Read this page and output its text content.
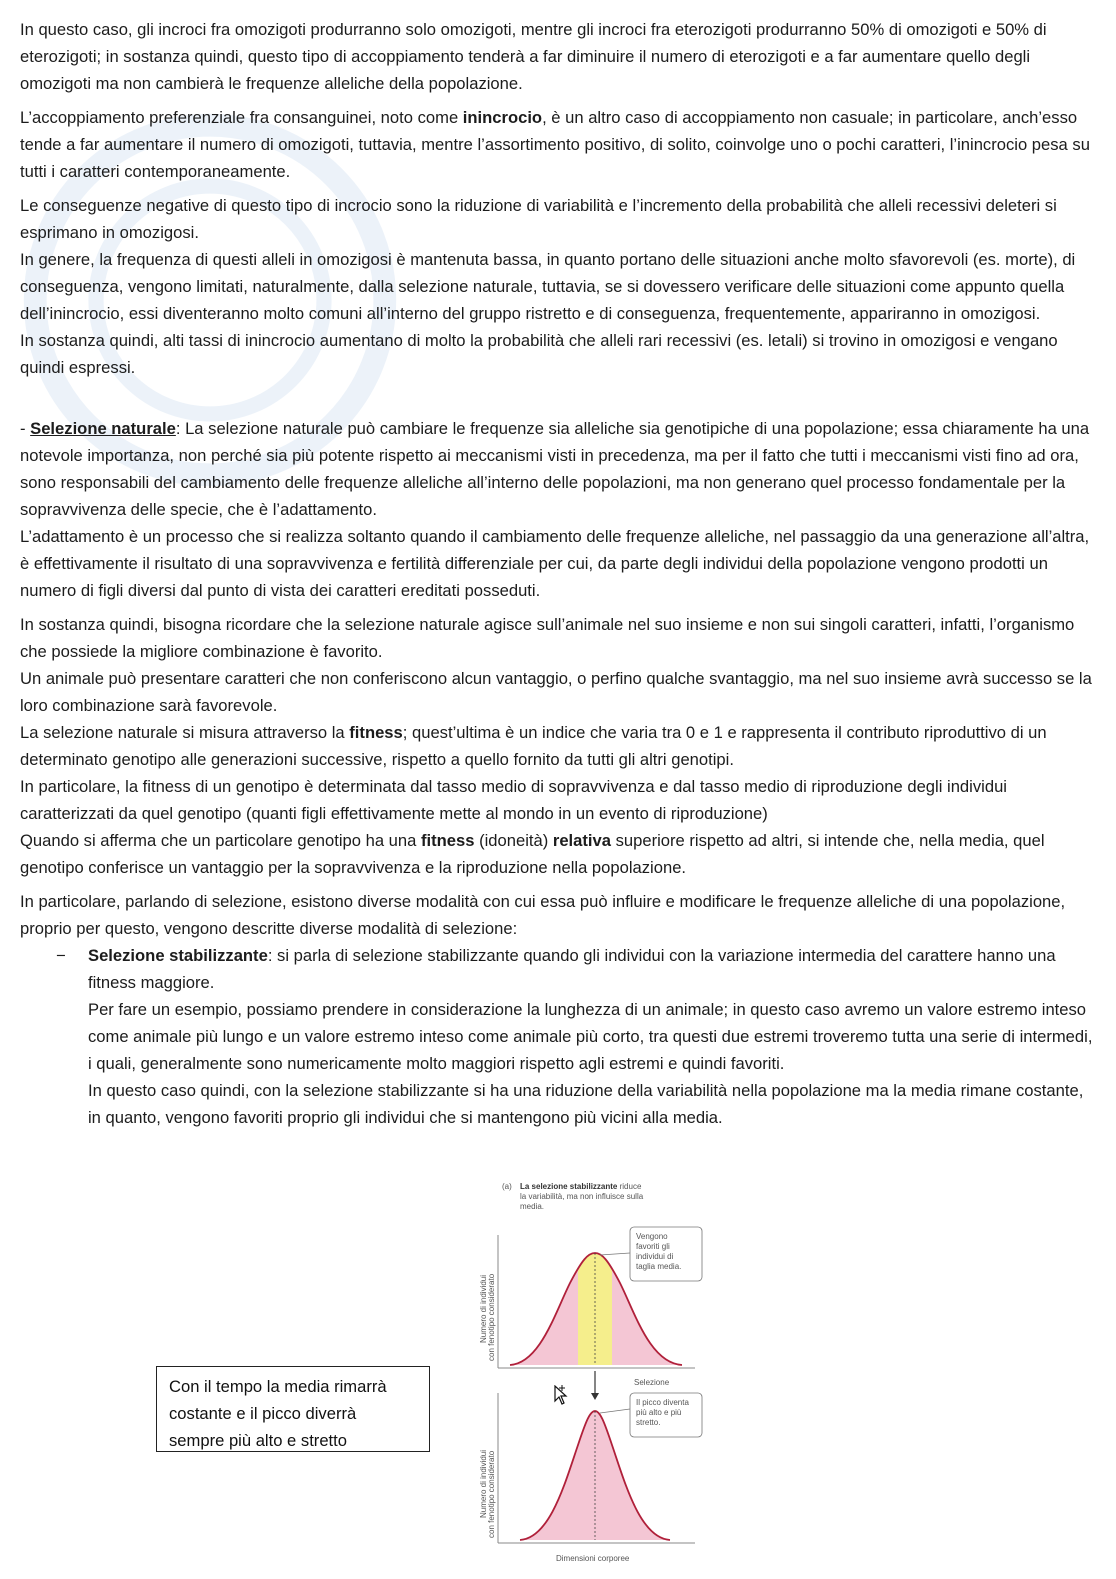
In questo caso, gli incroci fra omozigoti produrranno solo omozigoti, mentre gli incroci fra eterozigoti produrranno 50% di omozigoti e 50% di eterozigoti; in sostanza quindi, questo tipo di accoppiamento tenderà a far diminuire il numero di eterozigoti e a far aumentare quello degli omozigoti ma non cambierà le frequenze alleliche della popolazione.

L’accoppiamento preferenziale fra consanguinei, noto come inincrocio, è un altro caso di accoppiamento non casuale; in particolare, anch’esso tende a far aumentare il numero di omozigoti, tuttavia, mentre l’assortimento positivo, di solito, coinvolge uno o pochi caratteri, l’inincrocio pesa su tutti i caratteri contemporaneamente.

Le conseguenze negative di questo tipo di incrocio sono la riduzione di variabilità e l’incremento della probabilità che alleli recessivi deleteri si esprimano in omozigosi.

In genere, la frequenza di questi alleli in omozigosi è mantenuta bassa, in quanto portano delle situazioni anche molto sfavorevoli (es. morte), di conseguenza, vengono limitati, naturalmente, dalla selezione naturale, tuttavia, se si dovessero verificare delle situazioni come appunto quella dell’inincrocio, essi diventeranno molto comuni all’interno del gruppo ristretto e di conseguenza, frequentemente, appariranno in omozigosi.

In sostanza quindi, alti tassi di inincrocio aumentano di molto la probabilità che alleli rari recessivi (es. letali) si trovino in omozigosi e vengano quindi espressi.

- Selezione naturale: La selezione naturale può cambiare le frequenze sia alleliche sia genotipiche di una popolazione; essa chiaramente ha una notevole importanza, non perché sia più potente rispetto ai meccanismi visti in precedenza, ma per il fatto che tutti i meccanismi visti fino ad ora, sono responsabili del cambiamento delle frequenze alleliche all’interno delle popolazioni, ma non generano quel processo fondamentale per la sopravvivenza delle specie, che è l’adattamento.

L’adattamento è un processo che si realizza soltanto quando il cambiamento delle frequenze alleliche, nel passaggio da una generazione all’altra, è effettivamente il risultato di una sopravvivenza e fertilità differenziale per cui, da parte degli individui della popolazione vengono prodotti un numero di figli diversi dal punto di vista dei caratteri ereditati posseduti.

In sostanza quindi, bisogna ricordare che la selezione naturale agisce sull’animale nel suo insieme e non sui singoli caratteri, infatti, l’organismo che possiede la migliore combinazione è favorito.

Un animale può presentare caratteri che non conferiscono alcun vantaggio, o perfino qualche svantaggio, ma nel suo insieme avrà successo se la loro combinazione sarà favorevole.

La selezione naturale si misura attraverso la fitness; quest’ultima è un indice che varia tra 0 e 1 e rappresenta il contributo riproduttivo di un determinato genotipo alle generazioni successive, rispetto a quello fornito da tutti gli altri genotipi.

In particolare, la fitness di un genotipo è determinata dal tasso medio di sopravvivenza e dal tasso medio di riproduzione degli individui caratterizzati da quel genotipo (quanti figli effettivamente mette al mondo in un evento di riproduzione)

Quando si afferma che un particolare genotipo ha una fitness (idoneità) relativa superiore rispetto ad altri, si intende che, nella media, quel genotipo conferisce un vantaggio per la sopravvivenza e la riproduzione nella popolazione.

In particolare, parlando di selezione, esistono diverse modalità con cui essa può influire e modificare le frequenze alleliche di una popolazione, proprio per questo, vengono descritte diverse modalità di selezione:

− Selezione stabilizzante: si parla di selezione stabilizzante quando gli individui con la variazione intermedia del carattere hanno una fitness maggiore.

Per fare un esempio, possiamo prendere in considerazione la lunghezza di un animale; in questo caso avremo un valore estremo inteso come animale più lungo e un valore estremo inteso come animale più corto, tra questi due estremi troveremo tutta una serie di intermedi, i quali, generalmente sono numericamente molto maggiori rispetto agli estremi e quindi favoriti.

In questo caso quindi, con la selezione stabilizzante si ha una riduzione della variabilità nella popolazione ma la media rimane costante, in quanto, vengono favoriti proprio gli individui che si mantengono più vicini alla media.

(a) La selezione stabilizzante riduce
la variabilità, ma non influisce sulla
media.
Numero di individui con fenotipo considerato
Vengono
favoriti gli
individui di
taglia media.
Selezione
Numero di individui con fenotipo considerato
Il picco diventa
più alto e più
stretto.
Dimensioni corporee
Con il tempo la media rimarrà
costante e il picco diverrà
sempre più alto e stretto
